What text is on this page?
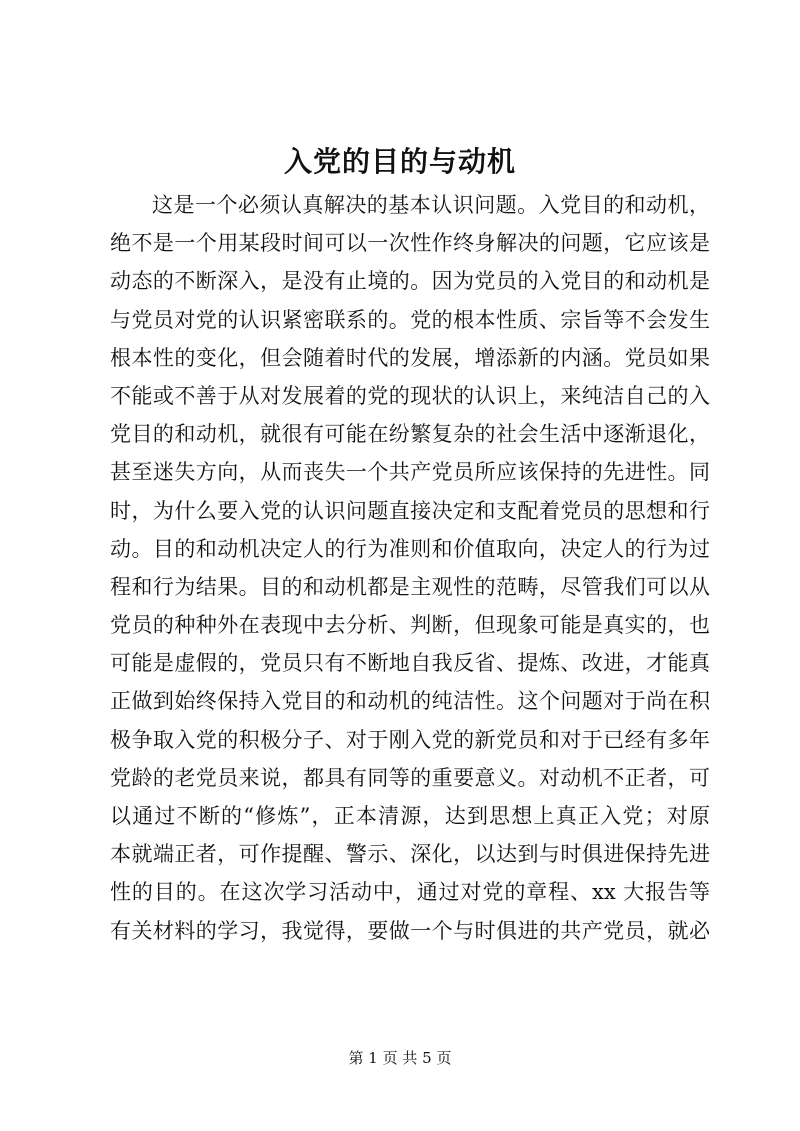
入党的目的与动机
这是一个必须认真解决的基本认识问题。入党目的和动机，
绝不是一个用某段时间可以一次性作终身解决的问题，它应该是
动态的不断深入，是没有止境的。因为党员的入党目的和动机是
与党员对党的认识紧密联系的。党的根本性质、宗旨等不会发生
根本性的变化，但会随着时代的发展，增添新的内涵。党员如果
不能或不善于从对发展着的党的现状的认识上，来纯洁自己的入
党目的和动机，就很有可能在纷繁复杂的社会生活中逐渐退化，
甚至迷失方向，从而丧失一个共产党员所应该保持的先进性。同
时，为什么要入党的认识问题直接决定和支配着党员的思想和行
动。目的和动机决定人的行为准则和价值取向，决定人的行为过
程和行为结果。目的和动机都是主观性的范畴，尽管我们可以从
党员的种种外在表现中去分析、判断，但现象可能是真实的，也
可能是虚假的，党员只有不断地自我反省、提炼、改进，才能真
正做到始终保持入党目的和动机的纯洁性。这个问题对于尚在积
极争取入党的积极分子、对于刚入党的新党员和对于已经有多年
党龄的老党员来说，都具有同等的重要意义。对动机不正者，可
以通过不断的“修炼”，正本清源，达到思想上真正入党；对原
本就端正者，可作提醒、警示、深化，以达到与时俱进保持先进
性的目的。在这次学习活动中，通过对党的章程、xx 大报告等
有关材料的学习，我觉得，要做一个与时俱进的共产党员，就必
第 1 页 共 5 页
